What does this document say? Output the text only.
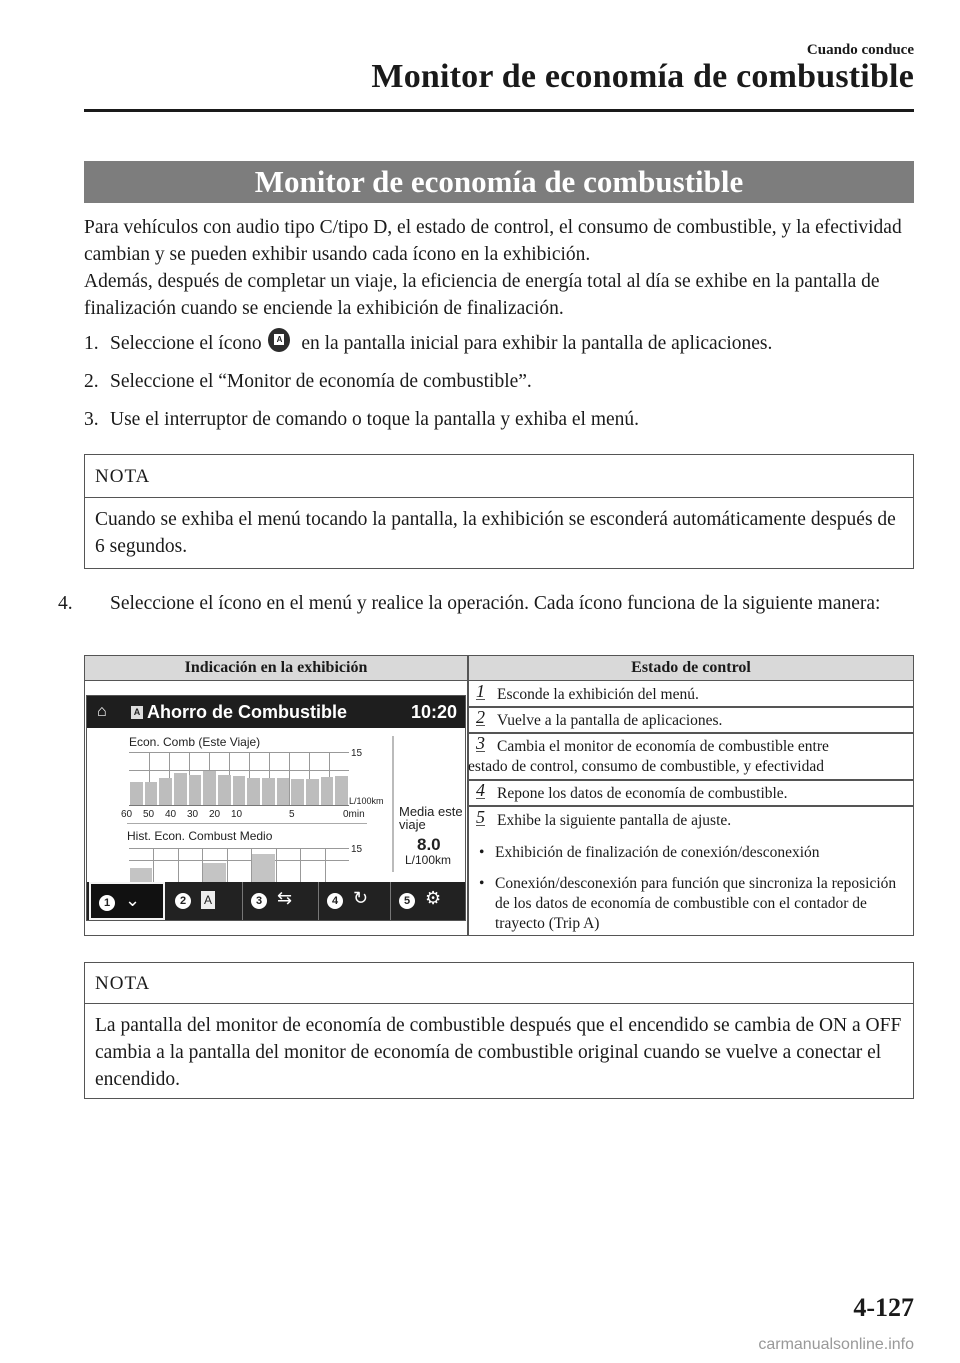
Cuando conduce
Monitor de economía de combustible
Monitor de economía de combustible
Para vehículos con audio tipo C/tipo D, el estado de control, el consumo de combustible, y la efectividad cambian y se pueden exhibir usando cada ícono en la exhibición.
Además, después de completar un viaje, la eficiencia de energía total al día se exhibe en la pantalla de finalización cuando se enciende la exhibición de finalización.
1. Seleccione el ícono A en la pantalla inicial para exhibir la pantalla de aplicaciones.
2. Seleccione el “Monitor de economía de combustible”.
3. Use el interruptor de comando o toque la pantalla y exhiba el menú.
NOTA
Cuando se exhiba el menú tocando la pantalla, la exhibición se esconderá automáticamente después de 6 segundos.
4. Seleccione el ícono en el menú y realice la operación. Cada ícono funciona de la siguiente manera:
Indicación en la exhibición	Estado de control
1 Esconde la exhibición del menú.
2 Vuelve a la pantalla de aplicaciones.
3 Cambia el monitor de economía de combustible entre
estado de control, consumo de combustible, y efectividad
4 Repone los datos de economía de combustible.
5 Exhibe la siguiente pantalla de ajuste.
• Exhibición de finalización de conexión/desconexión
• Conexión/desconexión para función que sincroniza la reposición de los datos de economía de combustible con el contador de trayecto (Trip A)
⌂	A Ahorro de Combustible	10:20
Econ. Comb (Este Viaje)
15
L/100km
60 50 40 30 20 10	5	0min	Media este
viaje
8.0
L/100km
Hist. Econ. Combust Medio
15
1 ⌄	2	A	3 ⇆	4 ↻	5 ⚙
NOTA
La pantalla del monitor de economía de combustible después que el encendido se cambia de ON a OFF cambia a la pantalla del monitor de economía de combustible original cuando se vuelve a conectar el encendido.
4-127
carmanualsonline.info
